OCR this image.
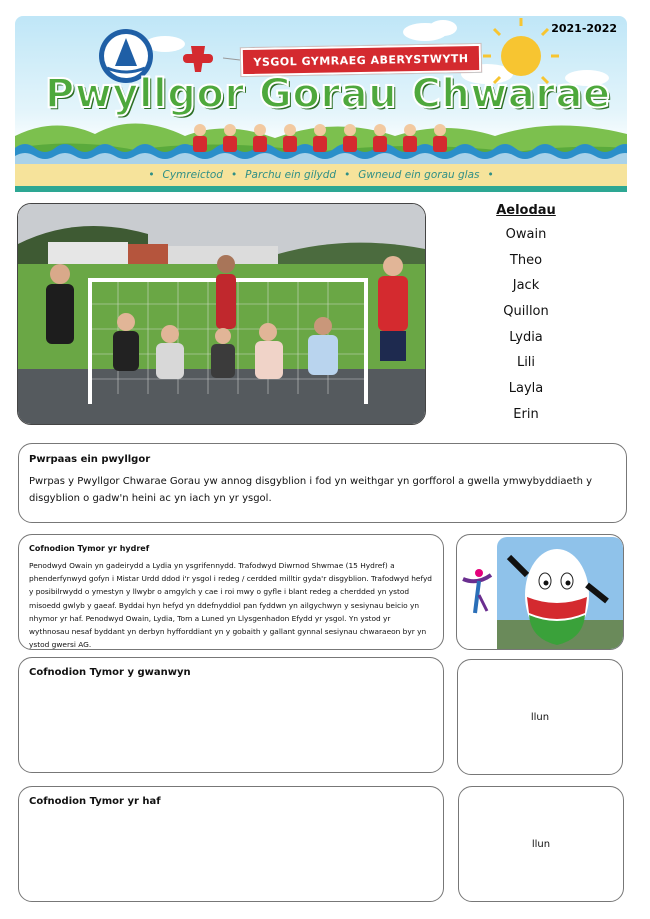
2021-2022
YSGOL GYMRAEG ABERYSTWYTH
Pwyllgor Gorau Chwarae
• Cymreictod • Parchu ein gilydd • Gwneud ein gorau glas •
Aelodau
Owain
Theo
Jack
Quillon
Lydia
Lili
Layla
Erin
Pwrpaas ein pwyllgor
Pwrpas y Pwyllgor Chwarae Gorau yw annog disgyblion i fod yn weithgar yn gorfforol a gwella ymwybyddiaeth y disgyblion o gadw'n heini ac yn iach yn yr ysgol.
Cofnodion Tymor yr hydref
Penodwyd Owain yn gadeirydd a Lydia yn ysgrifennydd. Trafodwyd Diwrnod Shwmae (15 Hydref) a phenderfynwyd gofyn i Mistar Urdd ddod i'r ysgol i redeg / cerdded milltir gyda'r disgyblion. Trafodwyd hefyd y posibilrwydd o ymestyn y llwybr o amgylch y cae i roi mwy o gyfle i blant redeg a cherdded yn ystod misoedd gwlyb y gaeaf. Byddai hyn hefyd yn ddefnyddiol pan fyddwn yn ailgychwyn y sesiynau beicio yn nhymor yr haf. Penodwyd Owain, Lydia, Tom a Luned yn Llysgenhadon Efydd yr ysgol. Yn ystod yr wythnosau nesaf byddant yn derbyn hyfforddiant yn y gobaith y gallant gynnal sesiynau chwaraeon byr yn ystod gwersi AG.
Cofnodion Tymor y gwanwyn
llun
Cofnodion Tymor yr haf
llun
